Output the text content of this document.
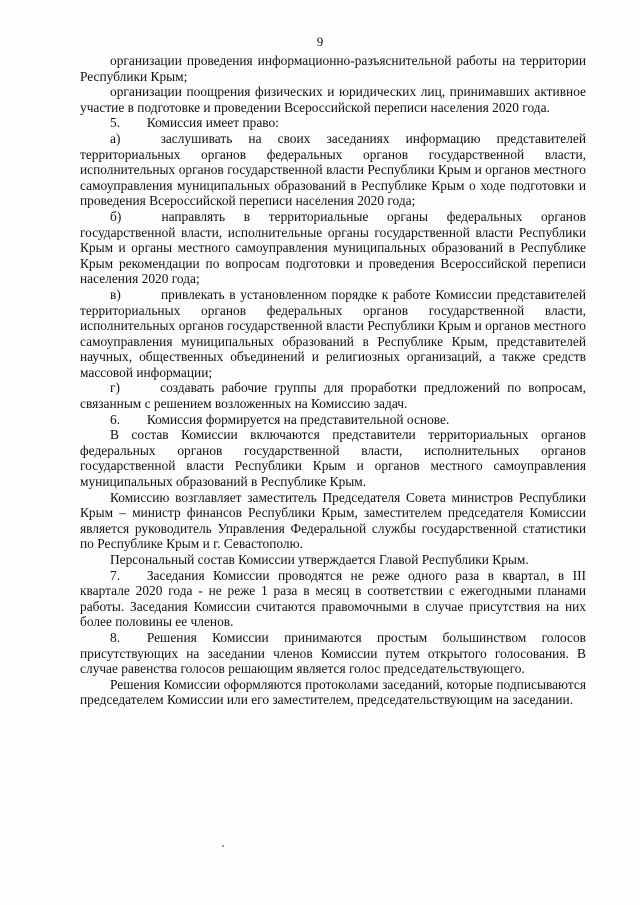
9

организации проведения информационно-разъяснительной работы на территории Республики Крым;

организации поощрения физических и юридических лиц, принимавших активное участие в подготовке и проведении Всероссийской переписи населения 2020 года.

5.  Комиссия имеет право:

а)   заслушивать на своих заседаниях информацию представителей территориальных органов федеральных органов государственной власти, исполнительных органов государственной власти Республики Крым и органов местного самоуправления муниципальных образований в Республике Крым о ходе подготовки и проведения Всероссийской переписи населения 2020 года;

б)   направлять в территориальные органы федеральных органов государственной власти, исполнительные органы государственной власти Республики Крым и органы местного самоуправления муниципальных образований в Республике Крым рекомендации по вопросам подготовки и проведения Всероссийской переписи населения 2020 года;

в)   привлекать в установленном порядке к работе Комиссии представителей территориальных органов федеральных органов государственной власти, исполнительных органов государственной власти Республики Крым и органов местного самоуправления муниципальных образований в Республике Крым, представителей научных, общественных объединений и религиозных организаций, а также средств массовой информации;

г)   создавать рабочие группы для проработки предложений по вопросам, связанным с решением возложенных на Комиссию задач.

6.  Комиссия формируется на представительной основе.

В состав Комиссии включаются представители территориальных органов федеральных органов государственной власти, исполнительных органов государственной власти Республики Крым и органов местного самоуправления муниципальных образований в Республике Крым.

Комиссию возглавляет заместитель Председателя Совета министров Республики Крым – министр финансов Республики Крым, заместителем председателя Комиссии является руководитель Управления Федеральной службы государственной статистики по Республике Крым и г. Севастополю.

Персональный состав Комиссии утверждается Главой Республики Крым.

7.  Заседания Комиссии проводятся не реже одного раза в квартал, в III квартале 2020 года - не реже 1 раза в месяц в соответствии с ежегодными планами работы. Заседания Комиссии считаются правомочными в случае присутствия на них более половины ее членов.

8.  Решения Комиссии принимаются простым большинством голосов присутствующих на заседании членов Комиссии путем открытого голосования. В случае равенства голосов решающим является голос председательствующего.

Решения Комиссии оформляются протоколами заседаний, которые подписываются председателем Комиссии или его заместителем, председательствующим на заседании.
